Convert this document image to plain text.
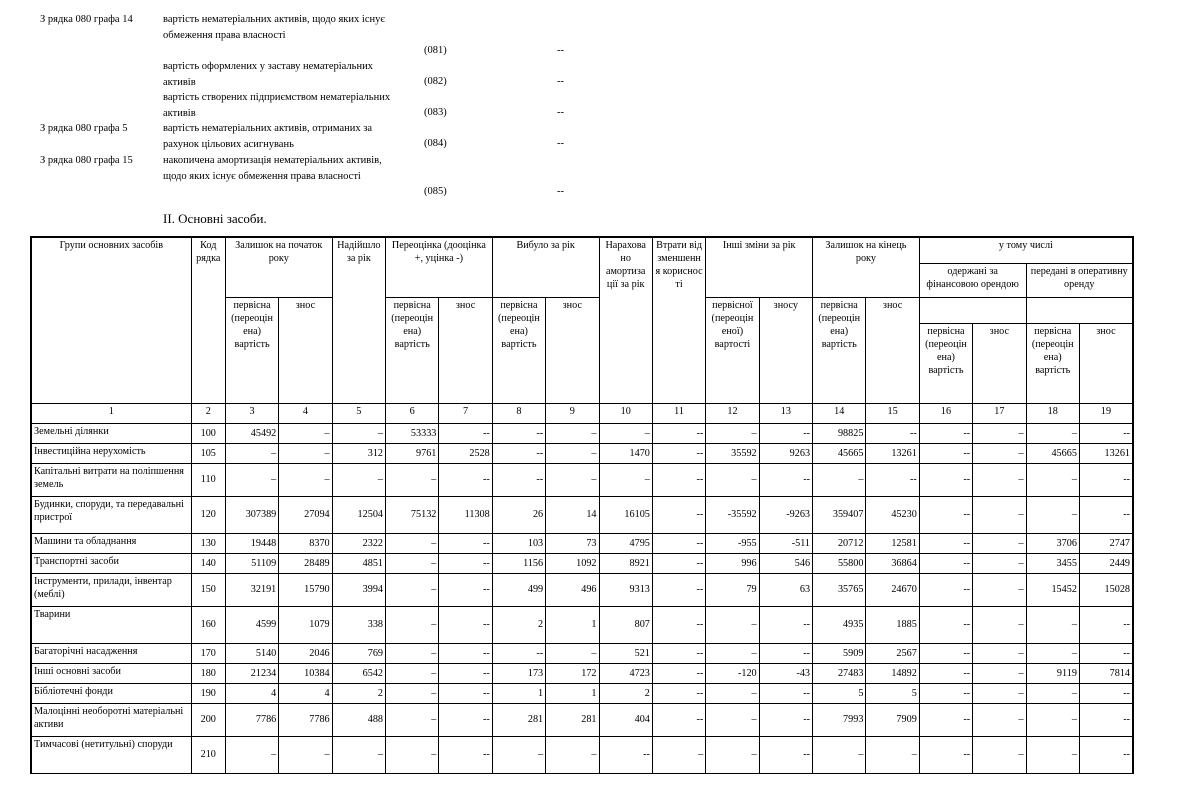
З рядка 080 графа 14	вартість нематеріальних активів, щодо яких існує обмеження права власності
(081)	--
вартість оформлених у заставу нематеріальних активів	(082)	--
вартість створених підприємством нематеріальних активів	(083)	--
З рядка 080 графа 5	вартість нематеріальних активів, отриманих за рахунок цільових асигнувань	(084)	--
З рядка 080 графа 15	накопичена амортизація нематеріальних активів, щодо яких існує обмеження права власності
(085)	--
ІІ. Основні засоби.
Групи основних засобів	Код рядка	Залишок на початок року		Надійшло за рік	Переоцінка (дооцінка +, уцінка -)		Вибуло за рік		Нарахова но амортиза ції за рік	Втрати від зменшенн я кориснос ті	Інші зміни за рік		Залишок на кінець року		у тому числі			
															одержані за фінансовою орендою		передані в оперативну оренду	
		первісна (переоцін ена) вартість	знос		первісна (переоцін ена) вартість	знос	первісна (переоцін ена) вартість	знос			первісної (переоцін еної) вартості	зносу	первісна (переоцін ена) вартість	знос				
															первісна (переоцін ена) вартість	знос	первісна (переоцін ена) вартість	знос
1	2	3	4	5	6	7	8	9	10	11	12	13	14	15	16	17	18	19
Земельні ділянки	100	45492	–	–	53333	--	--	–	–	--	–	--	98825	--	--	–	–	--
Інвестиційна нерухомість	105	–	–	312	9761	2528	--	–	1470	--	35592	9263	45665	13261	--	–	45665	13261
Капітальні витрати на поліпшення земель	110	–	–	–	–	--	--	–	–	--	–	--	–	--	--	–	–	--
Будинки, споруди, та передавальні пристрої	120	307389	27094	12504	75132	11308	26	14	16105	--	-35592	-9263	359407	45230	--	–	–	--
Машини та обладнання	130	19448	8370	2322	–	--	103	73	4795	--	-955	-511	20712	12581	--	–	3706	2747
Транспортні засоби	140	51109	28489	4851	–	--	1156	1092	8921	--	996	546	55800	36864	--	–	3455	2449
Інструменти, прилади, інвентар (меблі)	150	32191	15790	3994	–	--	499	496	9313	--	79	63	35765	24670	--	–	15452	15028
Тварини	160	4599	1079	338	–	--	2	1	807	--	–	--	4935	1885	--	–	–	--
Багаторічні насадження	170	5140	2046	769	–	--	--	–	521	--	–	--	5909	2567	--	–	–	--
Інші основні засоби	180	21234	10384	6542	–	--	173	172	4723	--	-120	-43	27483	14892	--	–	9119	7814
Бібліотечні фонди	190	4	4	2	–	--	1	1	2	--	–	--	5	5	--	–	–	--
Малоцінні необоротні матеріальні активи	200	7786	7786	488	–	--	281	281	404	--	–	--	7993	7909	--	–	–	--
Тимчасові (нетитульні) споруди	210	–	–	–	–	--	–	–	--	–	–	--	–	–	--	–	–	--
